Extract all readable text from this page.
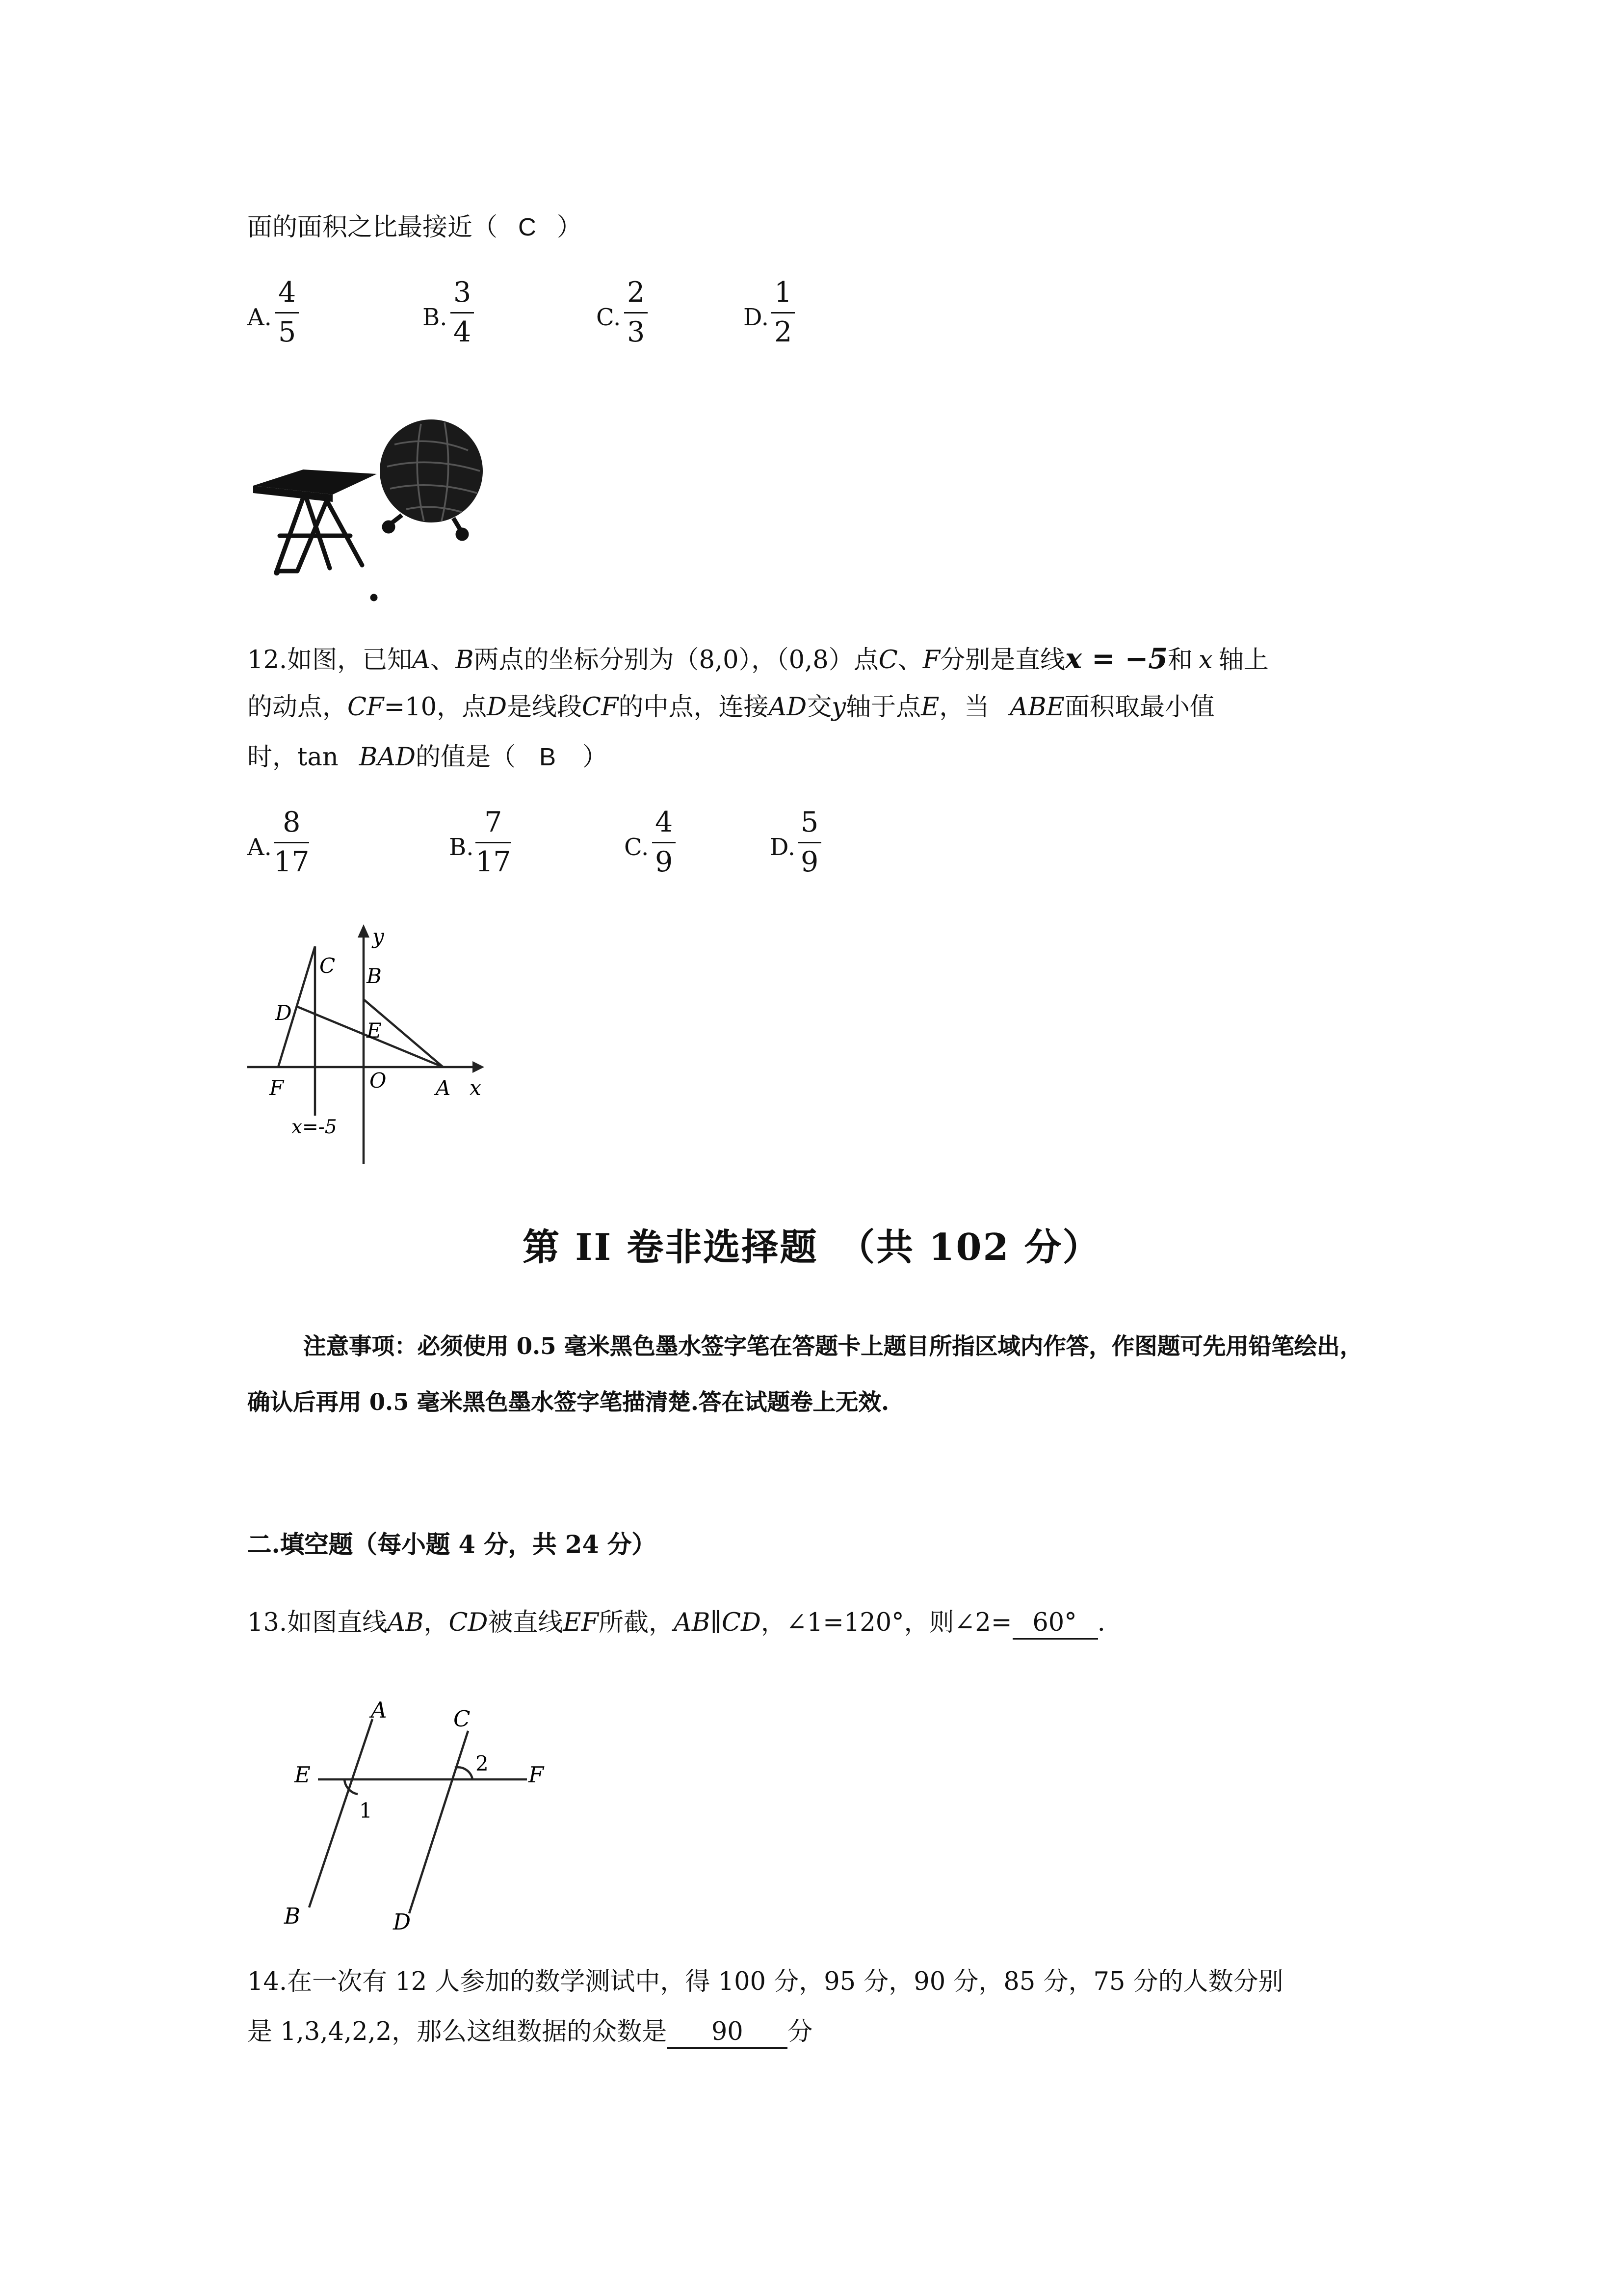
面的面积之比最接近（ C ）
A. $\frac{4}{5}$	B. $\frac{3}{4}$	C. $\frac{2}{3}$	D. $\frac{1}{2}$
12.如图，已知A、B两点的坐标分别为（8,0），（0,8）点C、F分别是直线x = −5和 x 轴上
的动点，CF=10，点D是线段CF的中点，连接AD交y轴于点E，当 ABE面积取最小值
时，tan BAD的值是（	B	）
A. $\frac{8}{17}$	B. $\frac{7}{17}$	C. $\frac{4}{9}$	D. $\frac{5}{9}$
y
C	B
D
E
F	O	A	x
x=-5
第 II 卷非选择题　（共 102 分）
注意事项：必须使用 0.5 毫米黑色墨水签字笔在答题卡上题目所指区域内作答，作图题可先用铅笔绘出，确认后再用 0.5 毫米黑色墨水签字笔描清楚.答在试题卷上无效.
二.填空题（每小题 4 分，共 24 分）
13.如图直线AB，CD被直线EF所截，AB∥CD，∠1=120°，则∠2= 60° .
A	C
E	F
1
2
B	D
14.在一次有 12 人参加的数学测试中，得 100 分，95 分，90 分，85 分，75 分的人数分别
是 1,3,4,2,2，那么这组数据的众数是	90	分
